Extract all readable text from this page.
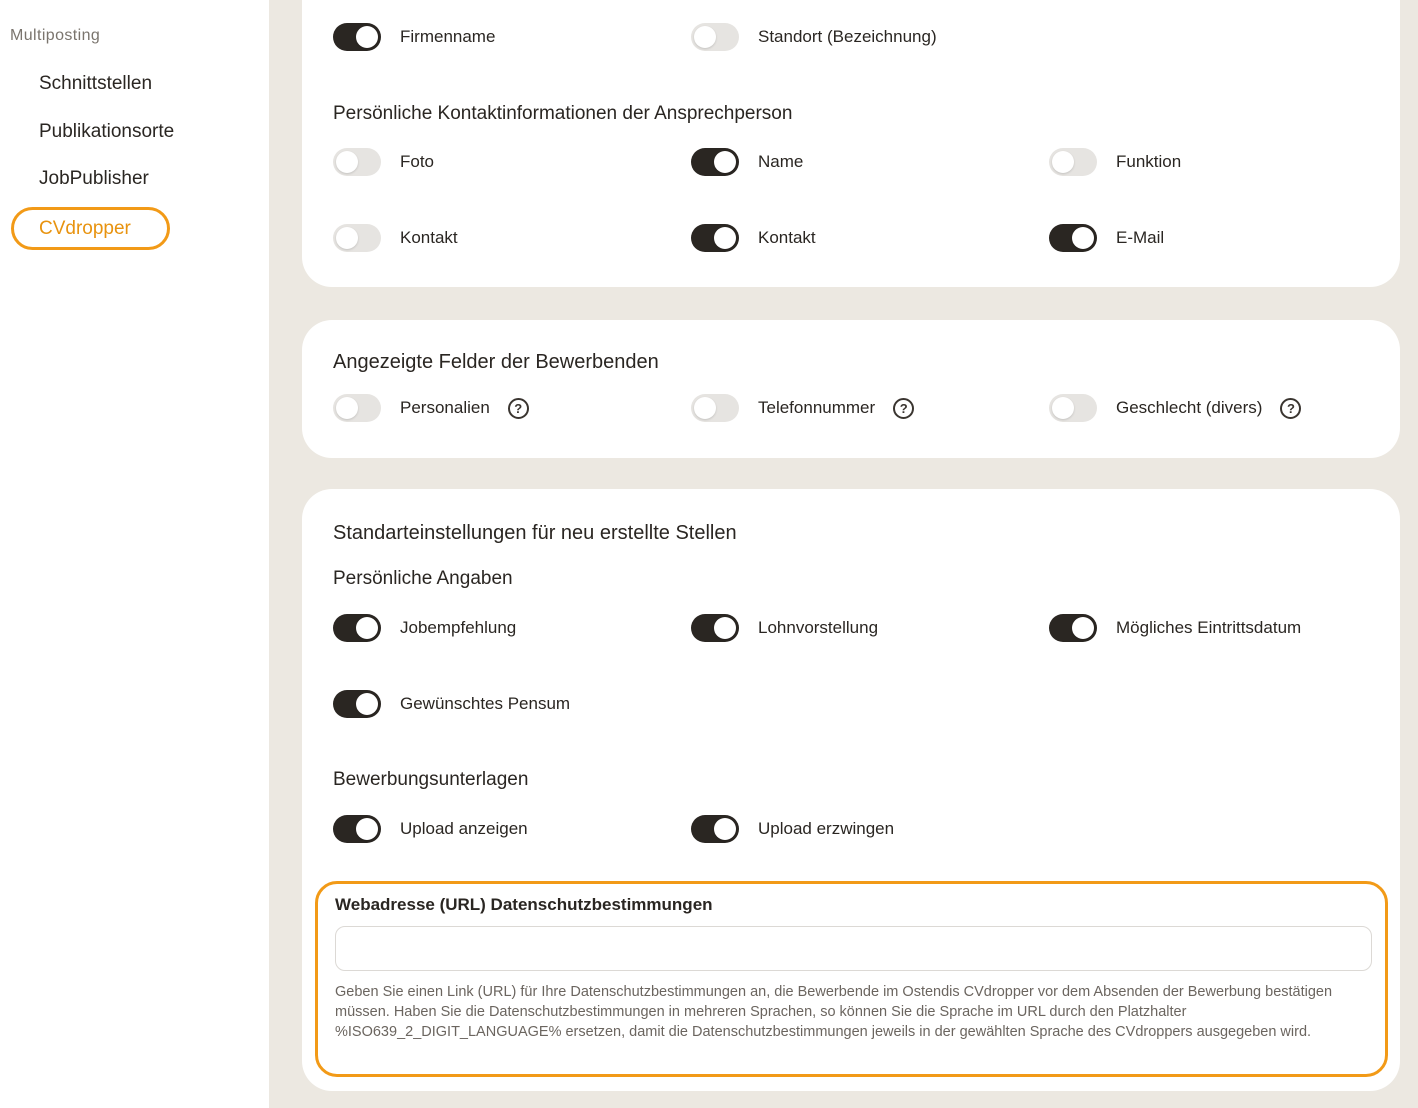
Multiposting
Schnittstellen
Publikationsorte
JobPublisher
CVdropper
Firmenname	Standort (Bezeichnung)
Persönliche Kontaktinformationen der Ansprechperson
Foto	Name	Funktion
Kontakt	Kontakt	E-Mail
Angezeigte Felder der Bewerbenden
Personalien	?	Telefonnummer	?	Geschlecht (divers)	?
Standarteinstellungen für neu erstellte Stellen
Persönliche Angaben
Jobempfehlung	Lohnvorstellung	Mögliches Eintrittsdatum
Gewünschtes Pensum
Bewerbungsunterlagen
Upload anzeigen	Upload erzwingen
Webadresse (URL) Datenschutzbestimmungen
Geben Sie einen Link (URL) für Ihre Datenschutzbestimmungen an, die Bewerbende im Ostendis CVdropper vor dem Absenden der Bewerbung bestätigen müssen. Haben Sie die Datenschutzbestimmungen in mehreren Sprachen, so können Sie die Sprache im URL durch den Platzhalter %ISO639_2_DIGIT_LANGUAGE% ersetzen, damit die Datenschutzbestimmungen jeweils in der gewählten Sprache des CVdroppers ausgegeben wird.
